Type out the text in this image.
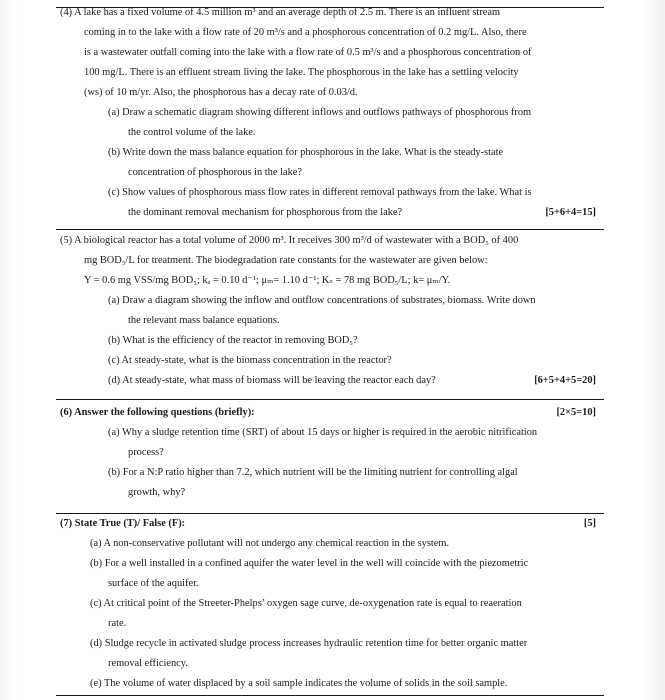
(4) A lake has a fixed volume of 4.5 million m³ and an average depth of 2.5 m. There is an influent stream
coming in to the lake with a flow rate of 20 m³/s and a phosphorous concentration of 0.2 mg/L. Also, there
is a wastewater outfall coming into the lake with a flow rate of 0.5 m³/s and a phosphorous concentration of
100 mg/L. There is an effluent stream living the lake. The phosphorous in the lake has a settling velocity
(ws) of 10 m/yr. Also, the phosphorous has a decay rate of 0.03/d.
(a) Draw a schematic diagram showing different inflows and outflows pathways of phosphorous from
the control volume of the lake.
(b) Write down the mass balance equation for phosphorous in the lake. What is the steady-state
concentration of phosphorous in the lake?
(c) Show values of phosphorous mass flow rates in different removal pathways from the lake. What is
the dominant removal mechanism for phosphorous from the lake?	[5+6+4=15]
(5) A biological reactor has a total volume of 2000 m³. It receives 300 m³/d of wastewater with a BOD₅ of 400
mg BOD₅/L for treatment. The biodegradation rate constants for the wastewater are given below:
Y = 0.6 mg VSS/mg BOD₅; kₐ = 0.10 d⁻¹; μₘ= 1.10 d⁻¹; Kₛ = 78 mg BOD₅/L; k= μₘ/Y.
(a) Draw a diagram showing the inflow and outflow concentrations of substrates, biomass. Write down
the relevant mass balance equations.
(b) What is the efficiency of the reactor in removing BOD₅?
(c) At steady-state, what is the biomass concentration in the reactor?
(d) At steady-state, what mass of biomass will be leaving the reactor each day?	[6+5+4+5=20]
(6) Answer the following questions (briefly):	[2×5=10]
(a) Why a sludge retention time (SRT) of about 15 days or higher is required in the aerobic nitrification
process?
(b) For a N:P ratio higher than 7.2, which nutrient will be the limiting nutrient for controlling algal
growth, why?
(7) State True (T)/ False (F):	[5]
(a) A non-conservative pollutant will not undergo any chemical reaction in the system.
(b) For a well installed in a confined aquifer the water level in the well will coincide with the piezometric
surface of the aquifer.
(c) At critical point of the Streeter-Phelps’ oxygen sage curve, de-oxygenation rate is equal to reaeration
rate.
(d) Sludge recycle in activated sludge process increases hydraulic retention time for better organic matter
removal efficiency.
(e) The volume of water displaced by a soil sample indicates the volume of solids in the soil sample.
